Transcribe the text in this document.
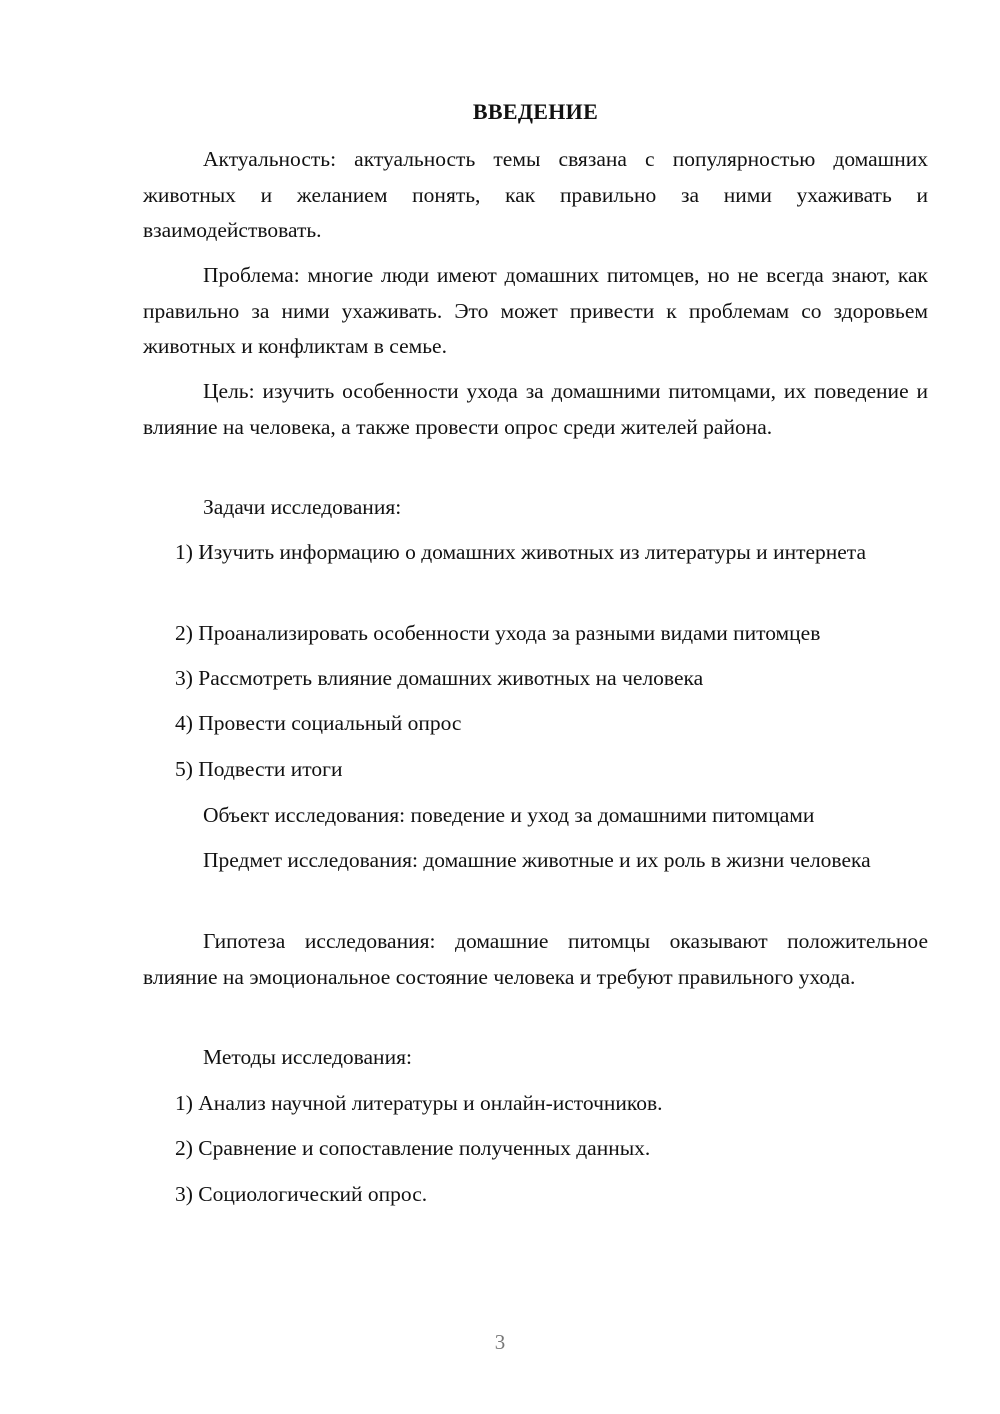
ВВЕДЕНИЕ

Актуальность: актуальность темы связана с популярностью домашних животных и желанием понять, как правильно за ними ухаживать и взаимодействовать.

Проблема: многие люди имеют домашних питомцев, но не всегда знают, как правильно за ними ухаживать. Это может привести к проблемам со здоровьем животных и конфликтам в семье.

Цель: изучить особенности ухода за домашними питомцами, их поведение и влияние на человека, а также провести опрос среди жителей района.

Задачи исследования:

1) Изучить информацию о домашних животных из литературы и интернета

2) Проанализировать особенности ухода за разными видами питомцев

3) Рассмотреть влияние домашних животных на человека

4) Провести социальный опрос

5) Подвести итоги

Объект исследования: поведение и уход за домашними питомцами

Предмет исследования: домашние животные и их роль в жизни человека

Гипотеза исследования: домашние питомцы оказывают положительное влияние на эмоциональное состояние человека и требуют правильного ухода.

Методы исследования:

1) Анализ научной литературы и онлайн-источников.

2) Сравнение и сопоставление полученных данных.

3) Социологический опрос.

3
